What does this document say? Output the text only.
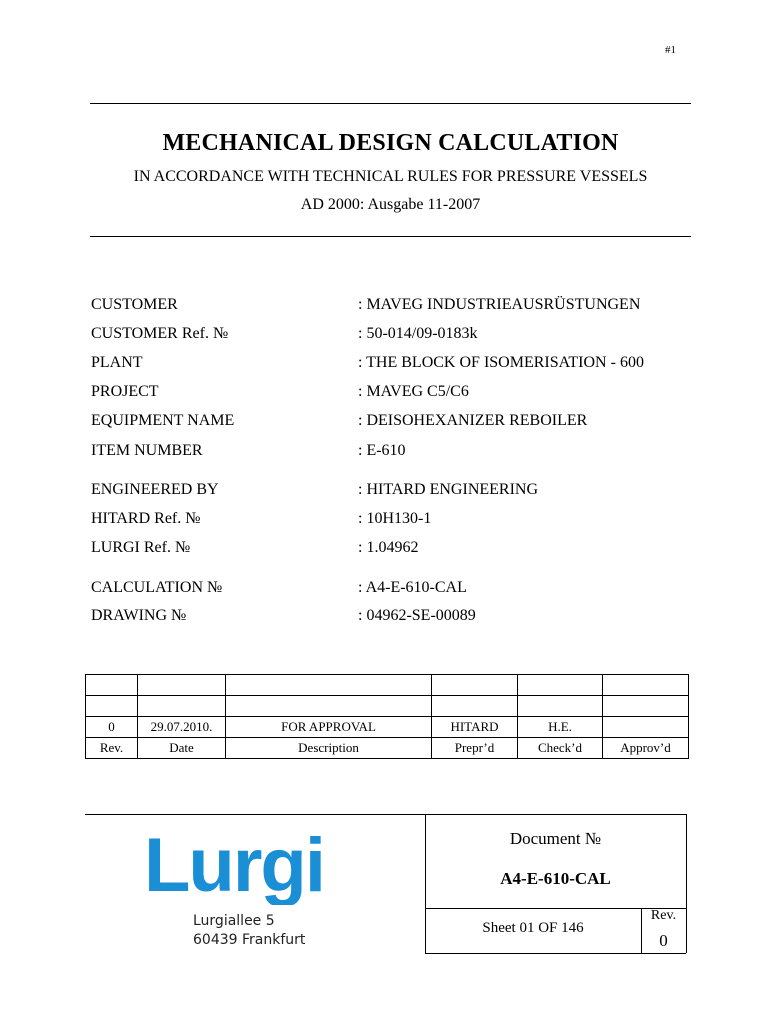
#1
MECHANICAL DESIGN CALCULATION
IN ACCORDANCE WITH TECHNICAL RULES FOR PRESSURE VESSELS
AD 2000: Ausgabe 11-2007
CUSTOMER	: MAVEG INDUSTRIEAUSRÜSTUNGEN
CUSTOMER Ref. №	: 50-014/09-0183k
PLANT	: THE BLOCK OF ISOMERISATION - 600
PROJECT	: MAVEG C5/C6
EQUIPMENT NAME	: DEISOHEXANIZER REBOILER
ITEM NUMBER	: E-610
ENGINEERED BY	: HITARD ENGINEERING
HITARD Ref. №	: 10H130-1
LURGI Ref. №	: 1.04962
CALCULATION №	: A4-E-610-CAL
DRAWING №	: 04962-SE-00089

0	29.07.2010.	FOR APPROVAL	HITARD	H.E.	
Rev.	Date	Description	Prepr’d	Check’d	Approv’d
Lurgi
Lurgiallee 5
60439 Frankfurt
Document №
A4-E-610-CAL
Sheet 01 OF 146
Rev.
0
